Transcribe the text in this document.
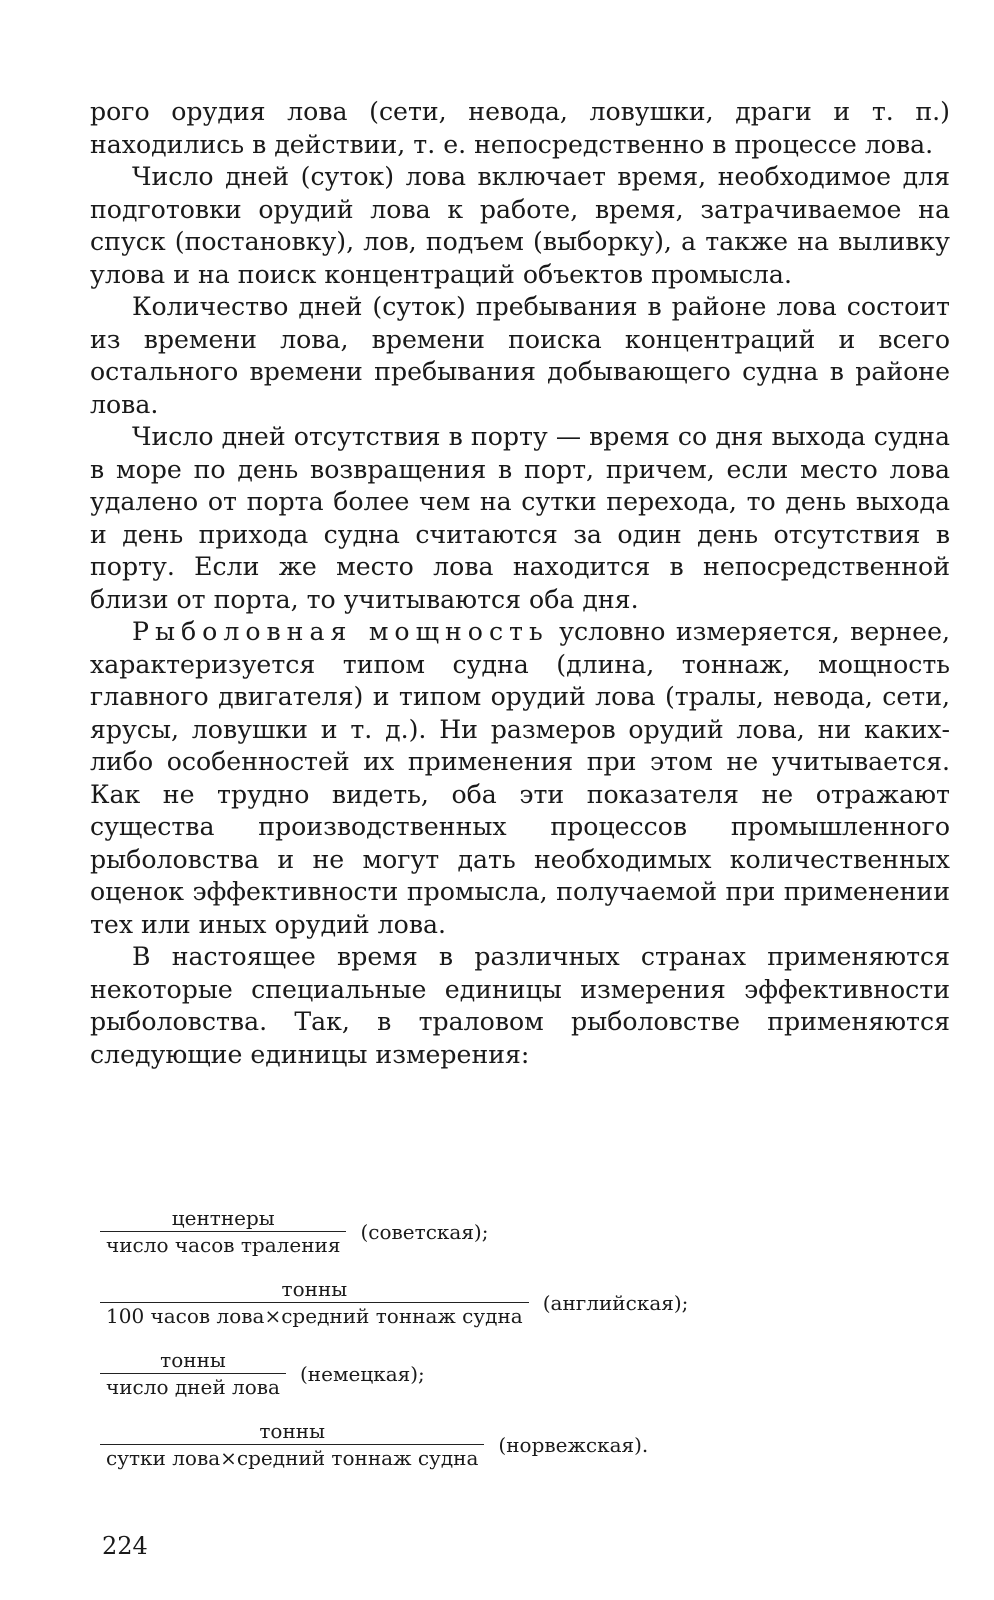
рого орудия лова (сети, невода, ловушки, драги и т. п.) находились в действии, т. е. непосредственно в процессе лова.

Число дней (суток) лова включает время, необходимое для подготовки орудий лова к работе, время, затрачиваемое на спуск (постановку), лов, подъем (выборку), а также на выливку улова и на поиск концентраций объектов промысла.

Количество дней (суток) пребывания в районе лова состоит из времени лова, времени поиска концентраций и всего остального времени пребывания добывающего судна в районе лова.

Число дней отсутствия в порту — время со дня выхода судна в море по день возвращения в порт, причем, если место лова удалено от порта более чем на сутки перехода, то день выхода и день прихода судна считаются за один день отсутствия в порту. Если же место лова находится в непосредственной близи от порта, то учитываются оба дня.

Рыболовная мощность условно измеряется, вернее, характеризуется типом судна (длина, тоннаж, мощность главного двигателя) и типом орудий лова (тралы, невода, сети, ярусы, ловушки и т. д.). Ни размеров орудий лова, ни каких-либо особенностей их применения при этом не учитывается. Как не трудно видеть, оба эти показателя не отражают существа производственных процессов промышленного рыболовства и не могут дать необходимых количественных оценок эффективности промысла, получаемой при применении тех или иных орудий лова.

В настоящее время в различных странах применяются некоторые специальные единицы измерения эффективности рыболовства. Так, в траловом рыболовстве применяются следующие единицы измерения:

$\frac{\text{центнеры}}{\text{число часов траления}}$ (советская);
$\frac{\text{тонны}}{\text{100 часов лова×средний тоннаж судна}}$ (английская);
$\frac{\text{тонны}}{\text{число дней лова}}$ (немецкая);
$\frac{\text{тонны}}{\text{сутки лова×средний тоннаж судна}}$ (норвежская).
224
